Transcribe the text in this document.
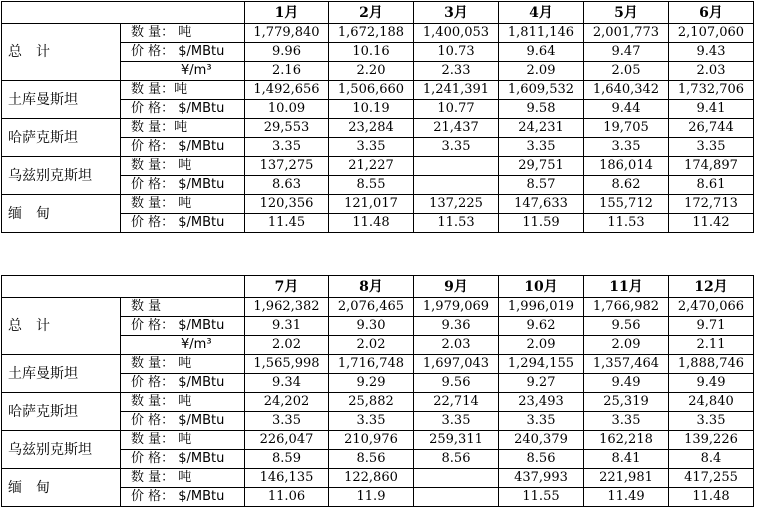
		1月	2月	3月	4月	5月	6月
总　计	数 量： 吨	1,779,840	1,672,188	1,400,053	1,811,146	2,001,773	2,107,060
	价 格： $/MBtu	9.96	10.16	10.73	9.64	9.47	9.43
	¥/m³	2.16	2.20	2.33	2.09	2.05	2.03
土库曼斯坦	数 量：吨	1,492,656	1,506,660	1,241,391	1,609,532	1,640,342	1,732,706
	价 格： $/MBtu	10.09	10.19	10.77	9.58	9.44	9.41
哈萨克斯坦	数 量：吨	29,553	23,284	21,437	24,231	19,705	26,744
	价 格： $/MBtu	3.35	3.35	3.35	3.35	3.35	3.35
乌兹别克斯坦	数 量： 吨	137,275	21,227		29,751	186,014	174,897
	价 格： $/MBtu	8.63	8.55		8.57	8.62	8.61
缅　甸	数 量： 吨	120,356	121,017	137,225	147,633	155,712	172,713
	价 格： $/MBtu	11.45	11.48	11.53	11.59	11.53	11.42
		7月	8月	9月	10月	11月	12月
总　计	数 量	1,962,382	2,076,465	1,979,069	1,996,019	1,766,982	2,470,066
	价 格： $/MBtu	9.31	9.30	9.36	9.62	9.56	9.71
	¥/m³	2.02	2.02	2.03	2.09	2.09	2.11
土库曼斯坦	数 量： 吨	1,565,998	1,716,748	1,697,043	1,294,155	1,357,464	1,888,746
	价 格： $/MBtu	9.34	9.29	9.56	9.27	9.49	9.49
哈萨克斯坦	数 量： 吨	24,202	25,882	22,714	23,493	25,319	24,840
	价 格： $/MBtu	3.35	3.35	3.35	3.35	3.35	3.35
乌兹别克斯坦	数 量： 吨	226,047	210,976	259,311	240,379	162,218	139,226
	价 格： $/MBtu	8.59	8.56	8.56	8.56	8.41	8.4
缅　甸	数 量： 吨	146,135	122,860		437,993	221,981	417,255
	价 格： $/MBtu	11.06	11.9		11.55	11.49	11.48
